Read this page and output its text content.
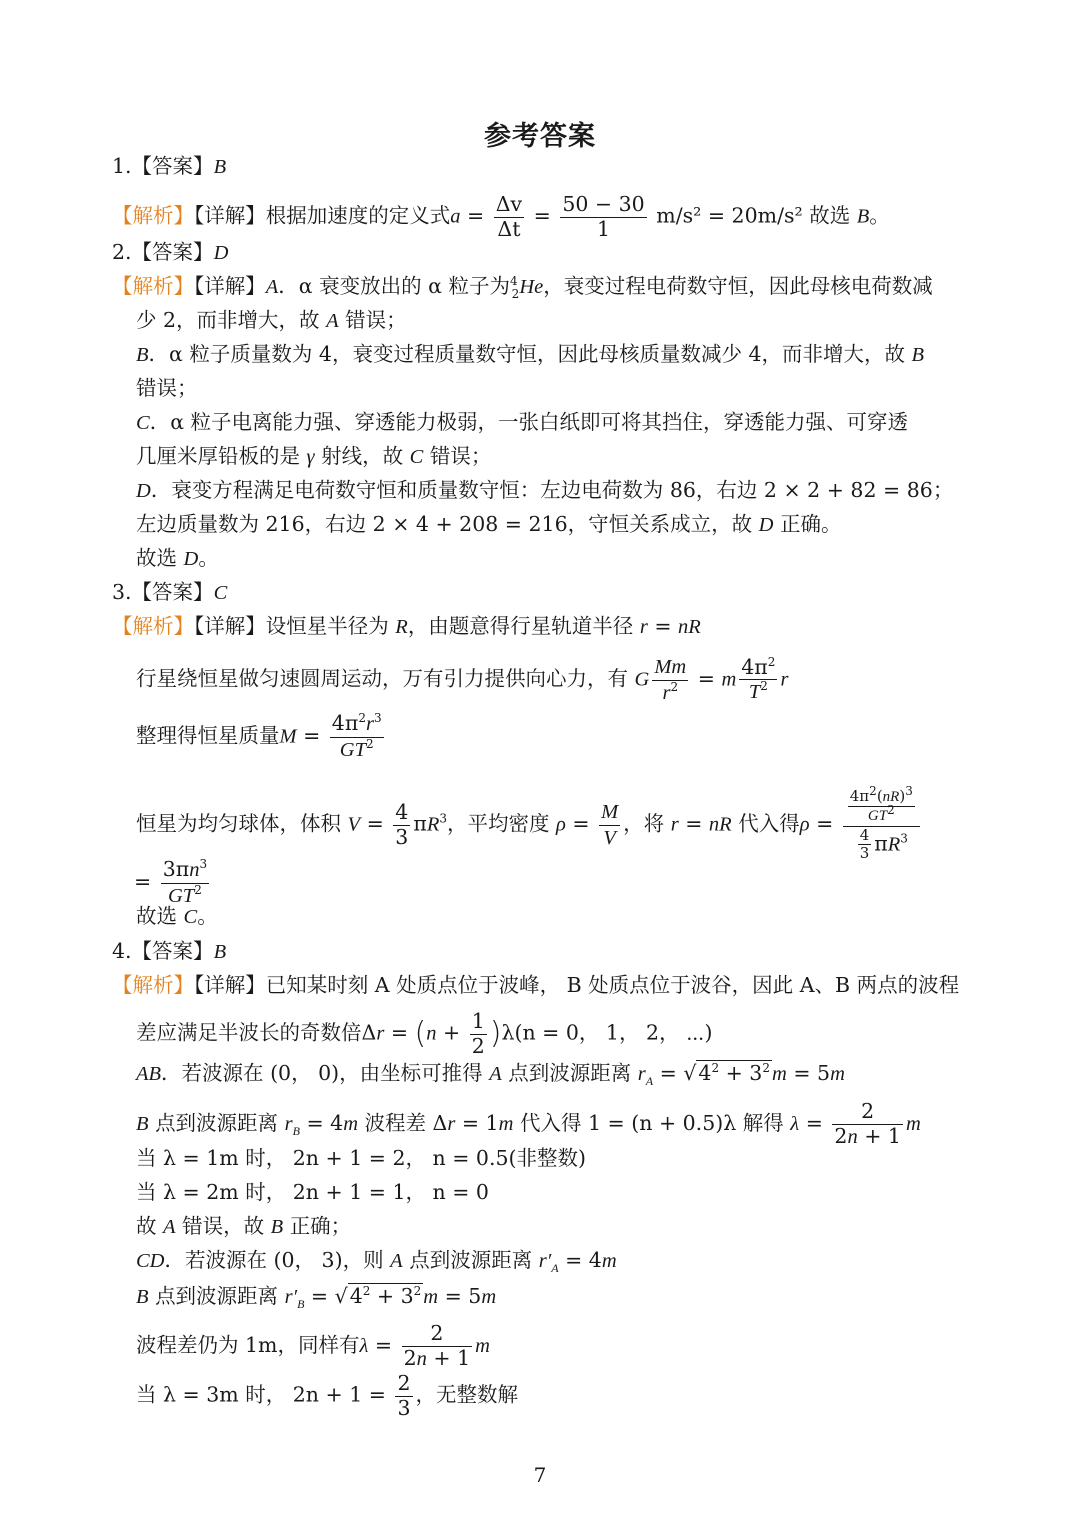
参考答案
1.【答案】B
【解析】【详解】根据加速度的定义式$a = \frac{\Delta v}{\Delta t} = \frac{50 - 30}{1} m/s^2 = 20m/s^2$ 故选 B。
2.【答案】D
【解析】【详解】A．α 衰变放出的 α 粒子为$^4_2$He，衰变过程电荷数守恒，因此母核电荷数减
少 2，而非增大，故 A 错误；
B．α 粒子质量数为 4，衰变过程质量数守恒，因此母核质量数减少 4，而非增大，故 B
错误；
C．α 粒子电离能力强、穿透能力极弱，一张白纸即可将其挡住，穿透能力强、可穿透
几厘米厚铅板的是 γ 射线，故 C 错误；
D．衰变方程满足电荷数守恒和质量数守恒：左边电荷数为 86，右边 2 × 2 + 82 = 86；
左边质量数为 216，右边 2 × 4 + 208 = 216，守恒关系成立，故 D 正确。
故选 D。
3.【答案】C
【解析】【详解】设恒星半径为 R，由题意得行星轨道半径 r = nR
行星绕恒星做匀速圆周运动，万有引力提供向心力，有 G $\frac{Mm}{r^2} = m \frac{4\pi^2}{T^2}$ r
整理得恒星质量$M = \frac{4\pi^2r^3}{GT^2}$
恒星为均匀球体，体积 $V = \frac{4}{3} \pi R^3$，平均密度 $\rho = \frac{M}{V}$ ，将 r = nR 代入得$\rho = \frac{\frac{4\pi^2(nR)^3}{GT^2}}{\frac{4}{3} \pi R^3}$
= $\frac{3\pi n^3}{GT^2}$
故选 C。
4.【答案】B
【解析】【详解】已知某时刻 A 处质点位于波峰， B 处质点位于波谷，因此 A、B 两点的波程
差应满足半波长的奇数倍$\Delta r = (n + \frac{1}{2} )\lambda(n = 0$， 1， 2， ⋯)
AB．若波源在 (0， 0)，由坐标可推得 A 点到波源距离 $r_A = √4^2 + 3^2m = 5m$
B 点到波源距离 $r_B = 4m$ 波程差 Δr = 1m 代入得 1 = (n + 0.5)λ 解得 $\lambda = \frac{2}{2n + 1}$ m
当 λ = 1m 时， 2n + 1 = 2， n = 0.5(非整数)
当 λ = 2m 时， 2n + 1 = 1， n = 0
故 A 错误，故 B 正确；
CD．若波源在 (0， 3)，则 A 点到波源距离 $r'_A = 4m$
B 点到波源距离 $r'_B = √4^2 + 3^2m = 5m$
波程差仍为 1m，同样有$\lambda = \frac{2}{2n + 1}$ m
当 λ = 3m 时， $2n + 1 = \frac{2}{3}$ ，无整数解
7
